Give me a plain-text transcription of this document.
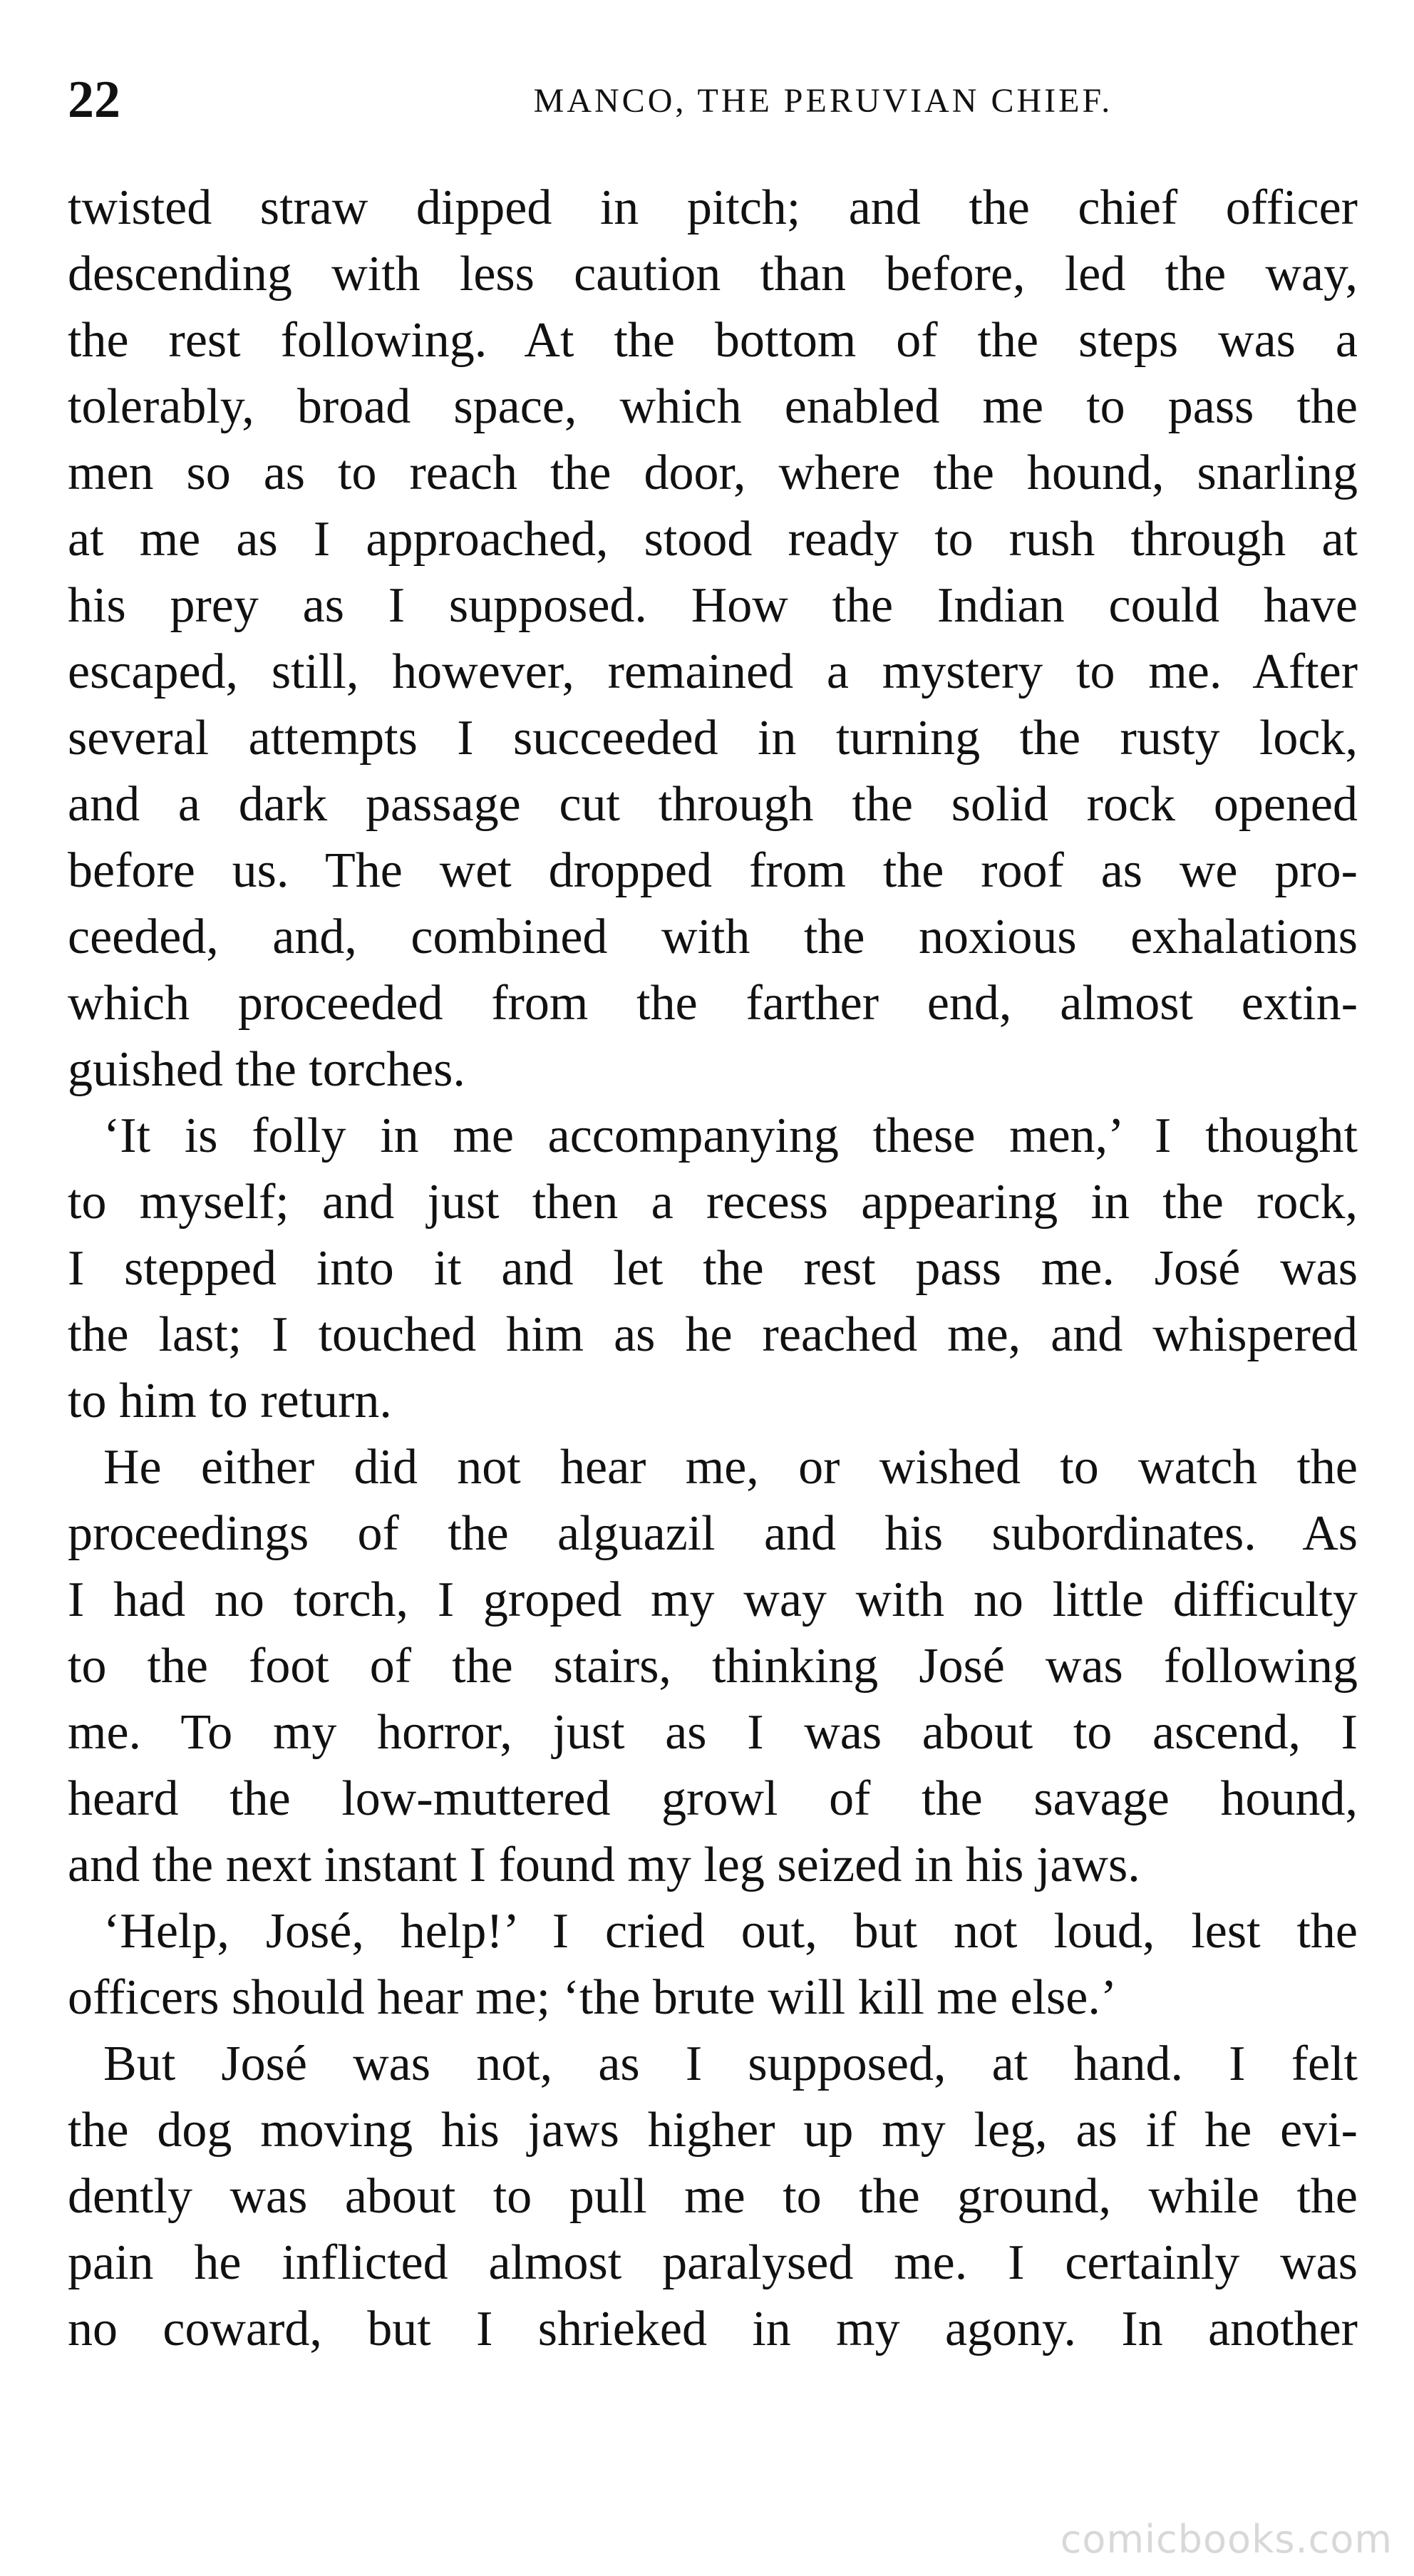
22	MANCO, THE PERUVIAN CHIEF.
twisted straw dipped in pitch; and the chief officer
descending with less caution than before, led the way,
the rest following. At the bottom of the steps was a
tolerably, broad space, which enabled me to pass the
men so as to reach the door, where the hound, snarling
at me as I approached, stood ready to rush through at
his prey as I supposed. How the Indian could have
escaped, still, however, remained a mystery to me. After
several attempts I succeeded in turning the rusty lock,
and a dark passage cut through the solid rock opened
before us. The wet dropped from the roof as we pro-
ceeded, and, combined with the noxious exhalations
which proceeded from the farther end, almost extin-
guished the torches.
‘It is folly in me accompanying these men,’ I thought
to myself; and just then a recess appearing in the rock,
I stepped into it and let the rest pass me. José was
the last; I touched him as he reached me, and whispered
to him to return.
He either did not hear me, or wished to watch the
proceedings of the alguazil and his subordinates. As
I had no torch, I groped my way with no little difficulty
to the foot of the stairs, thinking José was following
me. To my horror, just as I was about to ascend, I
heard the low-muttered growl of the savage hound,
and the next instant I found my leg seized in his jaws.
‘Help, José, help!’ I cried out, but not loud, lest the
officers should hear me; ‘the brute will kill me else.’
But José was not, as I supposed, at hand. I felt
the dog moving his jaws higher up my leg, as if he evi-
dently was about to pull me to the ground, while the
pain he inflicted almost paralysed me. I certainly was
no coward, but I shrieked in my agony. In another
comicbooks.com
